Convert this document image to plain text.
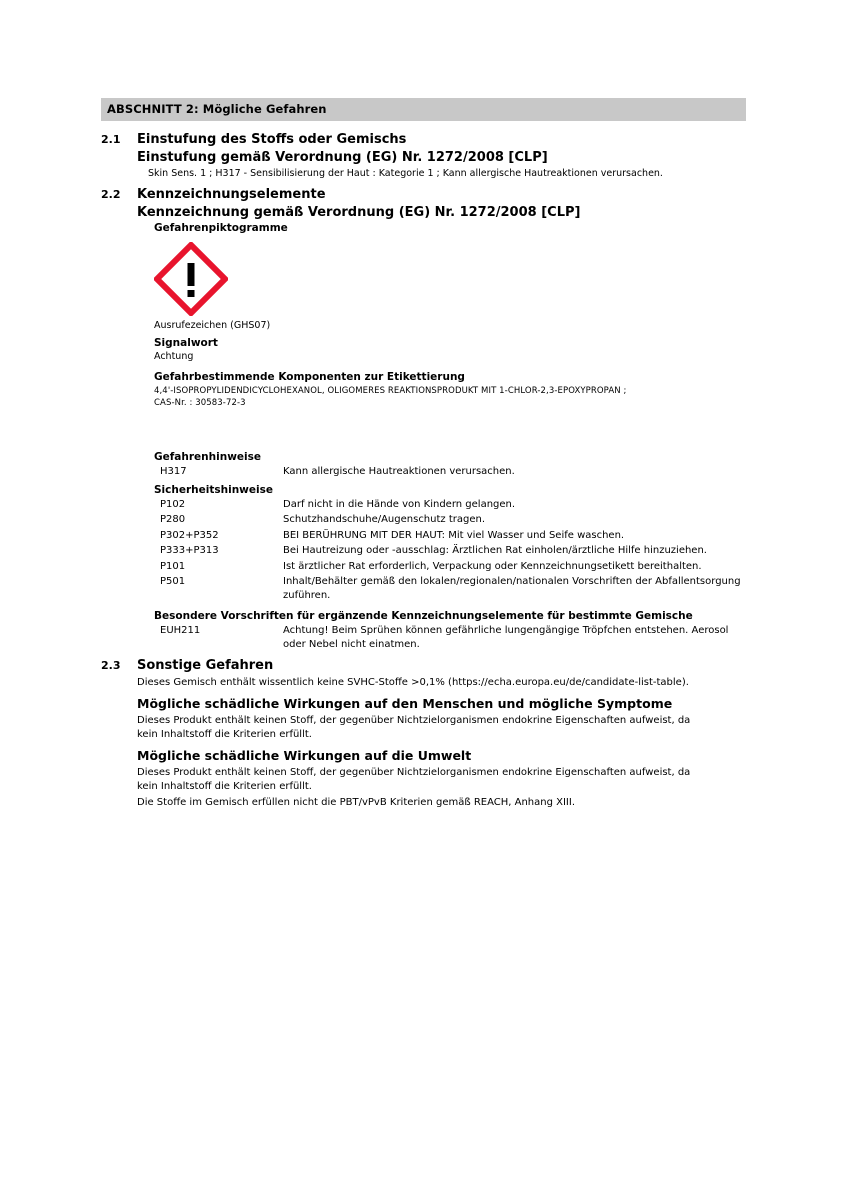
ABSCHNITT 2: Mögliche Gefahren
2.1	Einstufung des Stoffs oder Gemischs
Einstufung gemäß Verordnung (EG) Nr. 1272/2008 [CLP]
Skin Sens. 1 ; H317 - Sensibilisierung der Haut : Kategorie 1 ; Kann allergische Hautreaktionen verursachen.
2.2	Kennzeichnungselemente
Kennzeichnung gemäß Verordnung (EG) Nr. 1272/2008 [CLP]
Gefahrenpiktogramme
Ausrufezeichen (GHS07)
Signalwort
Achtung
Gefahrbestimmende Komponenten zur Etikettierung
4,4'-ISOPROPYLIDENDICYCLOHEXANOL, OLIGOMERES REAKTIONSPRODUKT MIT 1-CHLOR-2,3-EPOXYPROPAN ;
CAS-Nr. : 30583-72-3
Gefahrenhinweise
H317	Kann allergische Hautreaktionen verursachen.
Sicherheitshinweise
P102	Darf nicht in die Hände von Kindern gelangen.
P280	Schutzhandschuhe/Augenschutz tragen.
P302+P352	BEI BERÜHRUNG MIT DER HAUT: Mit viel Wasser und Seife waschen.
P333+P313	Bei Hautreizung oder -ausschlag: Ärztlichen Rat einholen/ärztliche Hilfe hinzuziehen.
P101	Ist ärztlicher Rat erforderlich, Verpackung oder Kennzeichnungsetikett bereithalten.
P501	Inhalt/Behälter gemäß den lokalen/regionalen/nationalen Vorschriften der Abfallentsorgung zuführen.
Besondere Vorschriften für ergänzende Kennzeichnungselemente für bestimmte Gemische
EUH211	Achtung! Beim Sprühen können gefährliche lungengängige Tröpfchen entstehen. Aerosol oder Nebel nicht einatmen.
2.3	Sonstige Gefahren
Dieses Gemisch enthält wissentlich keine SVHC-Stoffe >0,1% (https://echa.europa.eu/de/candidate-list-table).
Mögliche schädliche Wirkungen auf den Menschen und mögliche Symptome
Dieses Produkt enthält keinen Stoff, der gegenüber Nichtzielorganismen endokrine Eigenschaften aufweist, da kein Inhaltstoff die Kriterien erfüllt.
Mögliche schädliche Wirkungen auf die Umwelt
Dieses Produkt enthält keinen Stoff, der gegenüber Nichtzielorganismen endokrine Eigenschaften aufweist, da kein Inhaltstoff die Kriterien erfüllt.
Die Stoffe im Gemisch erfüllen nicht die PBT/vPvB Kriterien gemäß REACH, Anhang XIII.
